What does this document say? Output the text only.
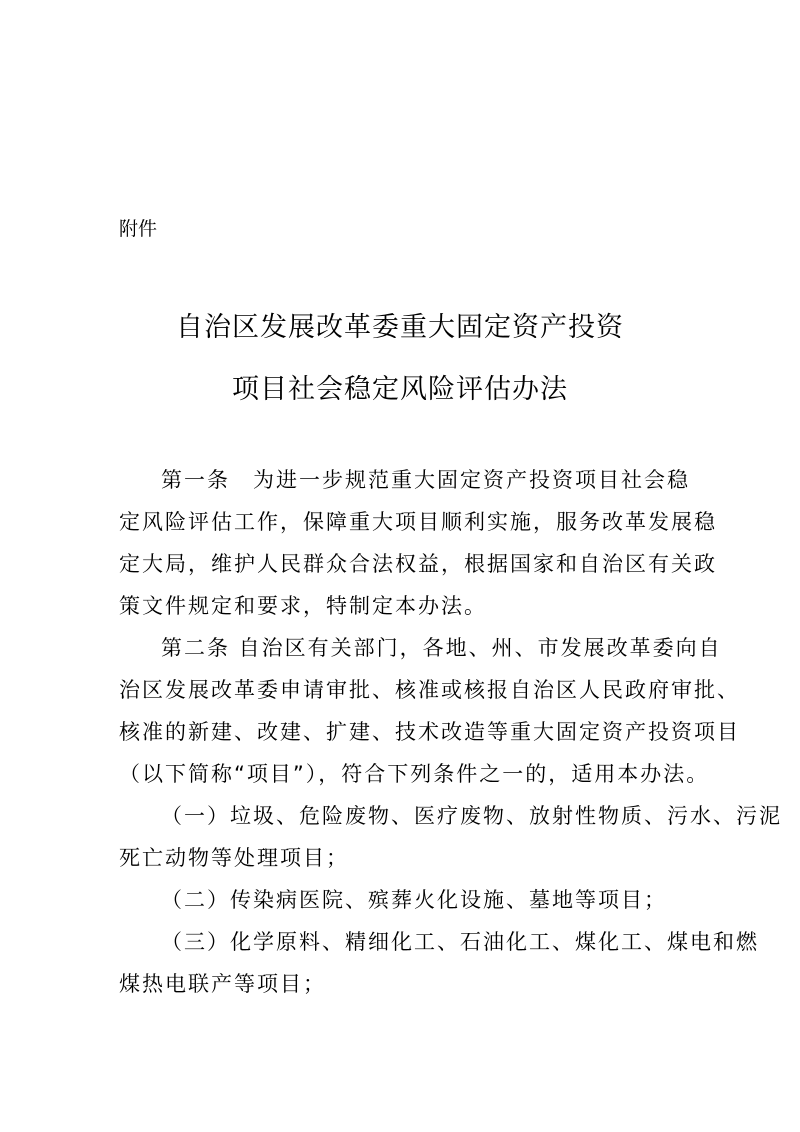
附件
自治区发展改革委重大固定资产投资
项目社会稳定风险评估办法
第一条　为进一步规范重大固定资产投资项目社会稳
定风险评估工作，保障重大项目顺利实施，服务改革发展稳
定大局，维护人民群众合法权益，根据国家和自治区有关政
策文件规定和要求，特制定本办法。
第二条 自治区有关部门，各地、州、市发展改革委向自
治区发展改革委申请审批、核准或核报自治区人民政府审批、
核准的新建、改建、扩建、技术改造等重大固定资产投资项目
（以下简称“项目”），符合下列条件之一的，适用本办法。
（一）垃圾、危险废物、医疗废物、放射性物质、污水、污泥
死亡动物等处理项目；
（二）传染病医院、殡葬火化设施、墓地等项目；
（三）化学原料、精细化工、石油化工、煤化工、煤电和燃
煤热电联产等项目；
